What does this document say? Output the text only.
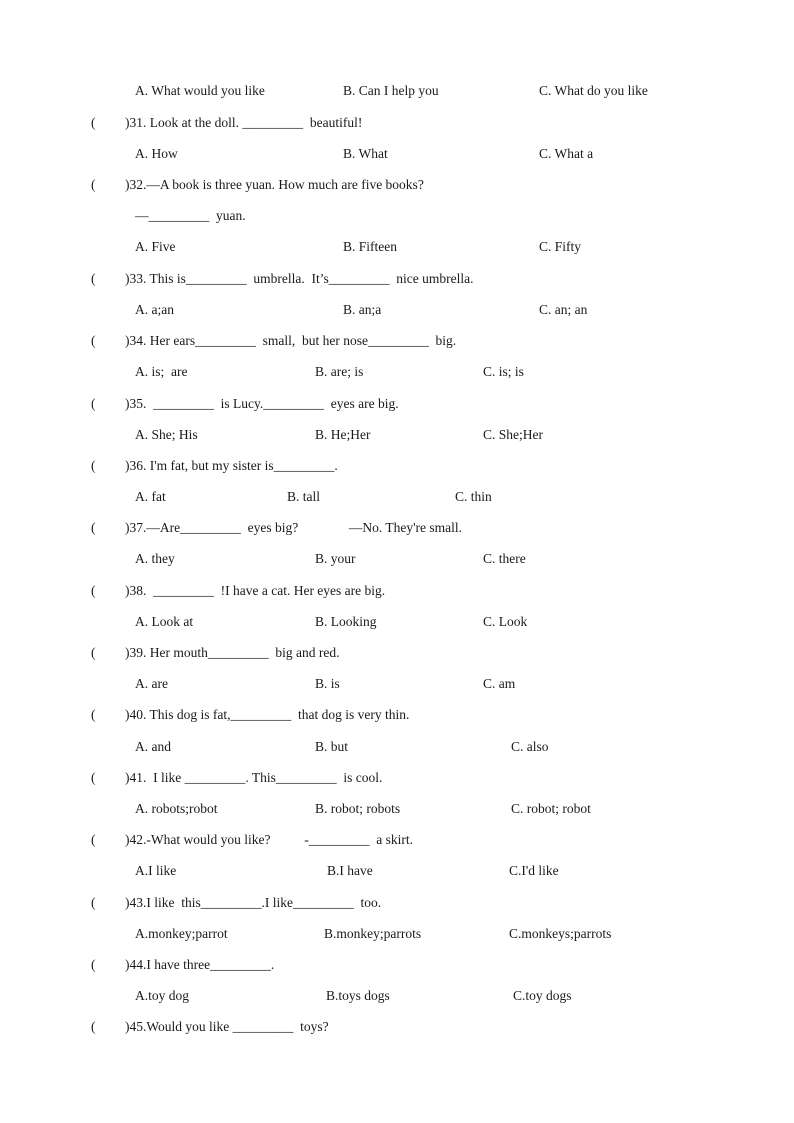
A. What would you like	B. Can I help you	C. What do you like
( )31. Look at the doll. _________  beautiful!
A. How	B. What	C. What a
( )32.—A book is three yuan. How much are five books?
—_________  yuan.
A. Five	B. Fifteen	C. Fifty
( )33. This is_________  umbrella.  It’s_________  nice umbrella.
A. a;an	B. an;a	C. an; an
( )34. Her ears_________  small,  but her nose_________  big.
A. is;  are	B. are; is	C. is; is
( )35.  _________  is Lucy._________  eyes are big.
A. She; His	B. He;Her	C. She;Her
( )36. I'm fat, but my sister is_________.
A. fat	B. tall	C. thin
( )37.—Are_________  eyes big?               —No. They're small.
A. they	B. your	C. there
( )38.  _________  !I have a cat. Her eyes are big.
A. Look at	B. Looking	C. Look
( )39. Her mouth_________  big and red.
A. are	B. is	C. am
( )40. This dog is fat,_________  that dog is very thin.
A. and	B. but	C. also
( )41.  I like _________. This_________  is cool.
A. robots;robot	B. robot; robots	C. robot; robot
( )42.-What would you like?          -_________  a skirt.
A.I like	B.I have	C.I'd like
( )43.I like  this_________.I like_________  too.
A.monkey;parrot	B.monkey;parrots	C.monkeys;parrots
( )44.I have three_________.
A.toy dog	B.toys dogs	C.toy dogs
( )45.Would you like _________  toys?
